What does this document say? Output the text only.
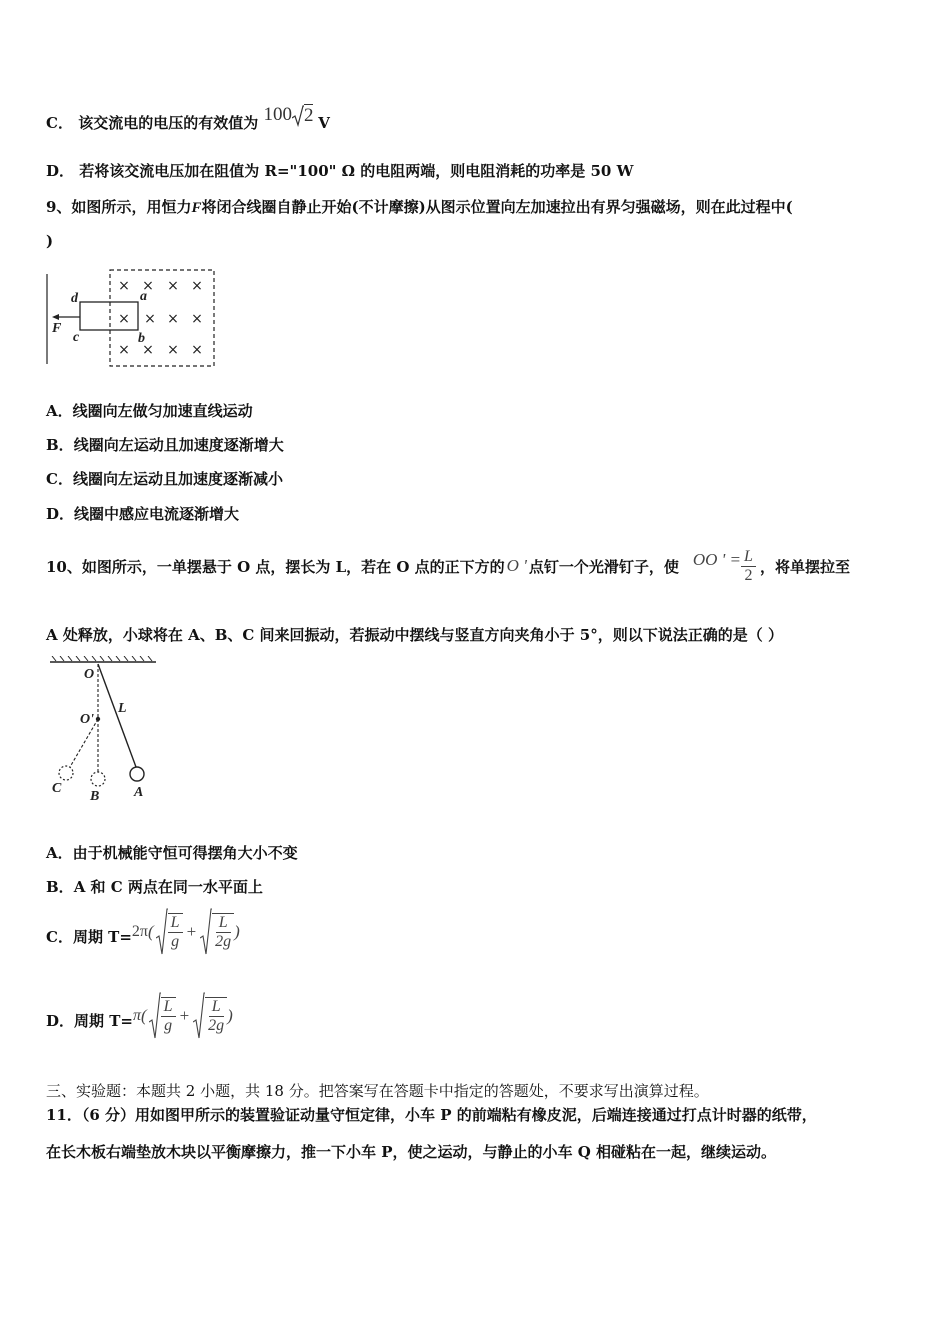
C． 该交流电的电压的有效值为 100 2 V
D． 若将该交流电压加在阻值为 R="100" Ω 的电阻两端，则电阻消耗的功率是 50 W
9、如图所示，用恒力F将闭合线圈自静止开始(不计摩擦)从图示位置向左加速拉出有界匀强磁场，则在此过程中(
)
× × × ×
× × × ×
× × × ×
a
b
c
d
F
A．线圈向左做匀加速直线运动
B．线圈向左运动且加速度逐渐增大
C．线圈向左运动且加速度逐渐减小
D．线圈中感应电流逐渐增大
10、如图所示，一单摆悬于 O 点，摆长为 L，若在 O 点的正下方的 O ' 点钉一个光滑钉子，使 OO ' = $\frac{L}{2}$ ，将单摆拉至
A 处释放，小球将在 A、B、C 间来回振动，若振动中摆线与竖直方向夹角小于 5°，则以下说法正确的是（ ）
O
O'
L
A
B
C
A．由于机械能守恒可得摆角大小不变
B．A 和 C 两点在同一水平面上
C． 周期 T= 2π ( $\frac{L}{g} + \frac{L}{2g}$ )
D． 周期 T= π ( $\frac{L}{g} + \frac{L}{2g}$ )
三、实验题：本题共 2 小题，共 18 分。把答案写在答题卡中指定的答题处，不要求写出演算过程。
11．（6 分）用如图甲所示的装置验证动量守恒定律，小车 P 的前端粘有橡皮泥，后端连接通过打点计时器的纸带，
在长木板右端垫放木块以平衡摩擦力，推一下小车 P，使之运动，与静止的小车 Q 相碰粘在一起，继续运动。
